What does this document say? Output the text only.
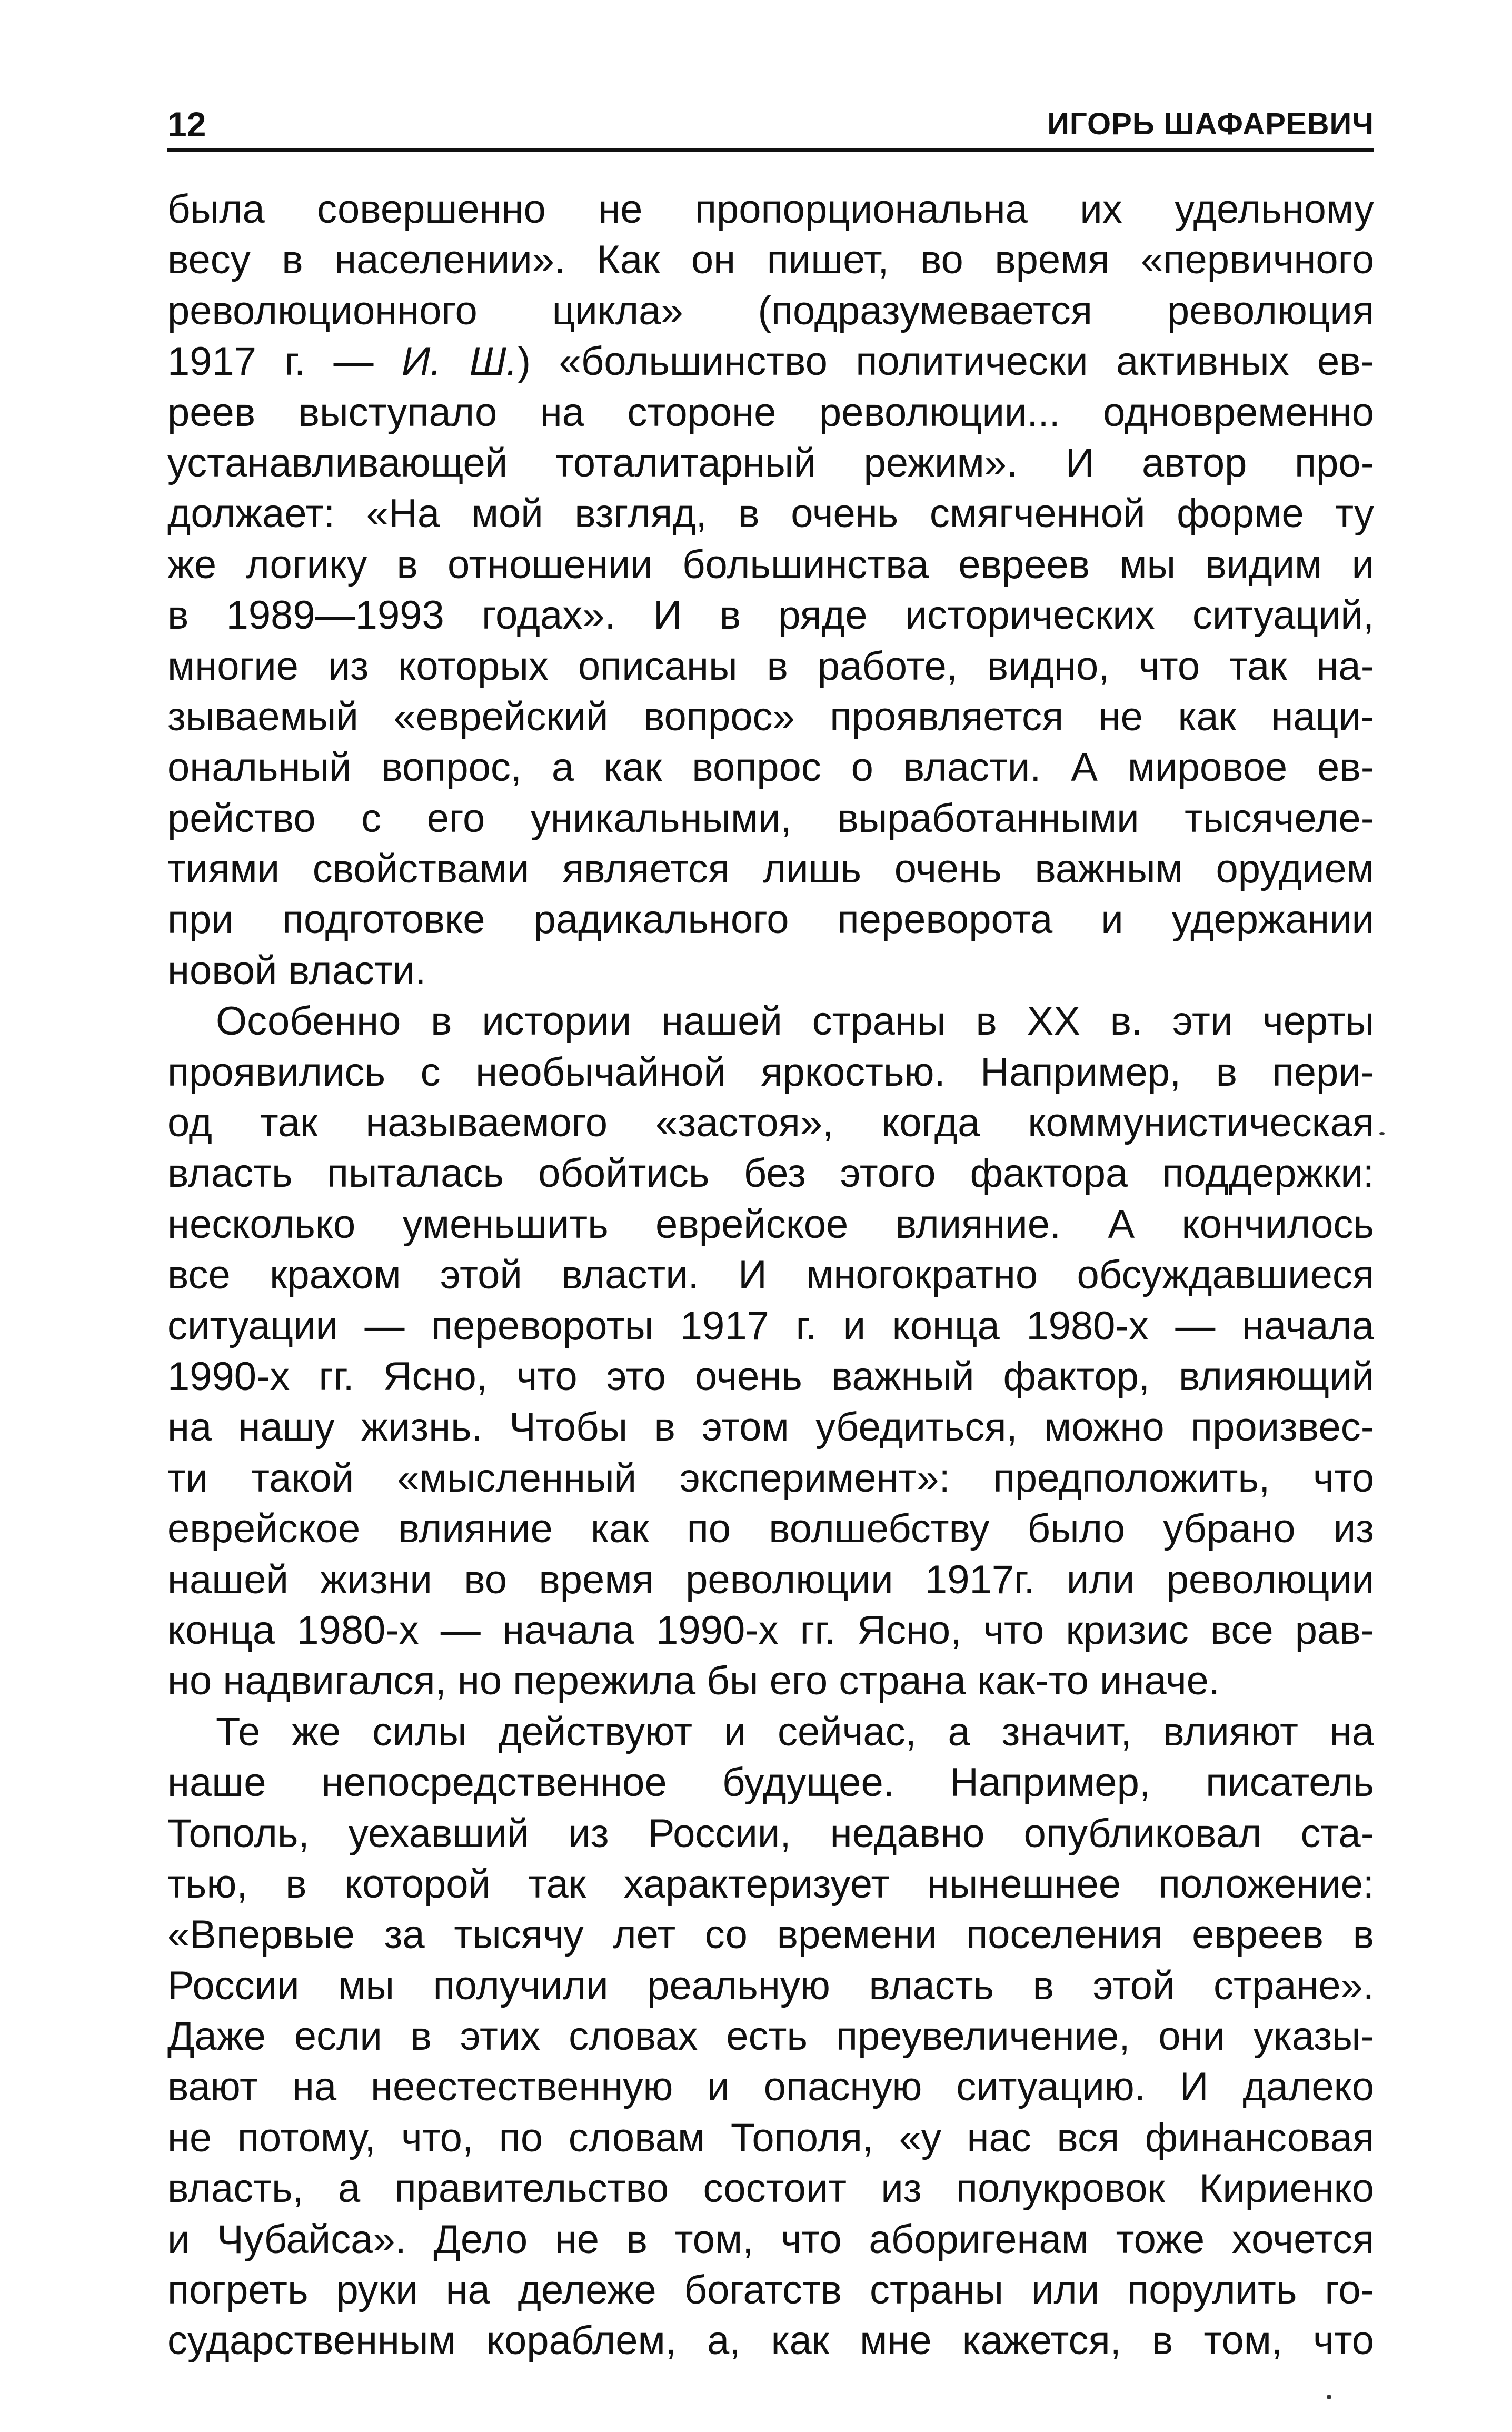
12	ИГОРЬ ШАФАРЕВИЧ
была совершенно не пропорциональна их удельному
весу в населении». Как он пишет, во время «первичного
революционного цикла» (подразумевается революция
1917 г. — И. Ш.) «большинство политически активных ев-
реев выступало на стороне революции... одновременно
устанавливающей тоталитарный режим». И автор про-
должает: «На мой взгляд, в очень смягченной форме ту
же логику в отношении большинства евреев мы видим и
в 1989—1993 годах». И в ряде исторических ситуаций,
многие из которых описаны в работе, видно, что так на-
зываемый «еврейский вопрос» проявляется не как наци-
ональный вопрос, а как вопрос о власти. А мировое ев-
рейство с его уникальными, выработанными тысячеле-
тиями свойствами является лишь очень важным орудием
при подготовке радикального переворота и удержании
новой власти.
Особенно в истории нашей страны в XX в. эти черты
проявились с необычайной яркостью. Например, в пери-
од так называемого «застоя», когда коммунистическая
власть пыталась обойтись без этого фактора поддержки:
несколько уменьшить еврейское влияние. А кончилось
все крахом этой власти. И многократно обсуждавшиеся
ситуации — перевороты 1917 г. и конца 1980-х — начала
1990-х гг. Ясно, что это очень важный фактор, влияющий
на нашу жизнь. Чтобы в этом убедиться, можно произвес-
ти такой «мысленный эксперимент»: предположить, что
еврейское влияние как по волшебству было убрано из
нашей жизни во время революции 1917г. или революции
конца 1980-х — начала 1990-х гг. Ясно, что кризис все рав-
но надвигался, но пережила бы его страна как-то иначе.
Те же силы действуют и сейчас, а значит, влияют на
наше непосредственное будущее. Например, писатель
Тополь, уехавший из России, недавно опубликовал ста-
тью, в которой так характеризует нынешнее положение:
«Впервые за тысячу лет со времени поселения евреев в
России мы получили реальную власть в этой стране».
Даже если в этих словах есть преувеличение, они указы-
вают на неестественную и опасную ситуацию. И далеко
не потому, что, по словам Тополя, «у нас вся финансовая
власть, а правительство состоит из полукровок Кириенко
и Чубайса». Дело не в том, что аборигенам тоже хочется
погреть руки на дележе богатств страны или порулить го-
сударственным кораблем, а, как мне кажется, в том, что
